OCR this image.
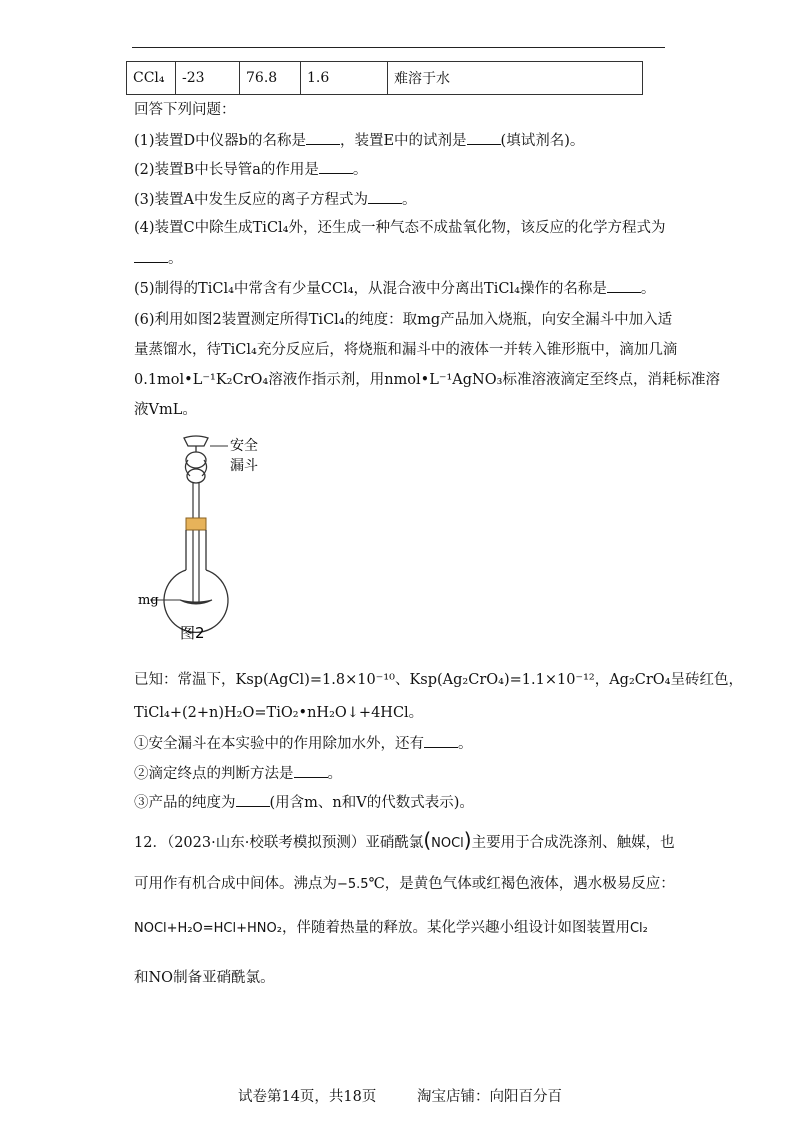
CCl₄	-23	76.8	1.6	难溶于水
回答下列问题：
(1)装置D中仪器b的名称是 ，装置E中的试剂是 (填试剂名)。
(2)装置B中长导管a的作用是 。
(3)装置A中发生反应的离子方程式为 。
(4)装置C中除生成TiCl₄外，还生成一种气态不成盐氧化物，该反应的化学方程式为
。
(5)制得的TiCl₄中常含有少量CCl₄，从混合液中分离出TiCl₄操作的名称是 。
(6)利用如图2装置测定所得TiCl₄的纯度：取mg产品加入烧瓶，向安全漏斗中加入适
量蒸馏水，待TiCl₄充分反应后，将烧瓶和漏斗中的液体一并转入锥形瓶中，滴加几滴
0.1mol•L⁻¹K₂CrO₄溶液作指示剂，用nmol•L⁻¹AgNO₃标准溶液滴定至终点，消耗标准溶
液VmL。
安全
漏斗
mg
图2
已知：常温下，Ksp(AgCl)=1.8×10⁻¹⁰、Ksp(Ag₂CrO₄)=1.1×10⁻¹²，Ag₂CrO₄呈砖红色，
TiCl₄+(2+n)H₂O=TiO₂•nH₂O↓+4HCl。
①安全漏斗在本实验中的作用除加水外，还有 。
②滴定终点的判断方法是 。
③产品的纯度为 (用含m、n和V的代数式表示)。
12．（2023·山东·校联考模拟预测）亚硝酰氯(NOCl)主要用于合成洗涤剂、触媒，也
可用作有机合成中间体。沸点为−5.5℃，是黄色气体或红褐色液体，遇水极易反应：
NOCl+H₂O=HCl+HNO₂，伴随着热量的释放。某化学兴趣小组设计如图装置用Cl₂
和NO制备亚硝酰氯。
试卷第14页，共18页	淘宝店铺：向阳百分百
